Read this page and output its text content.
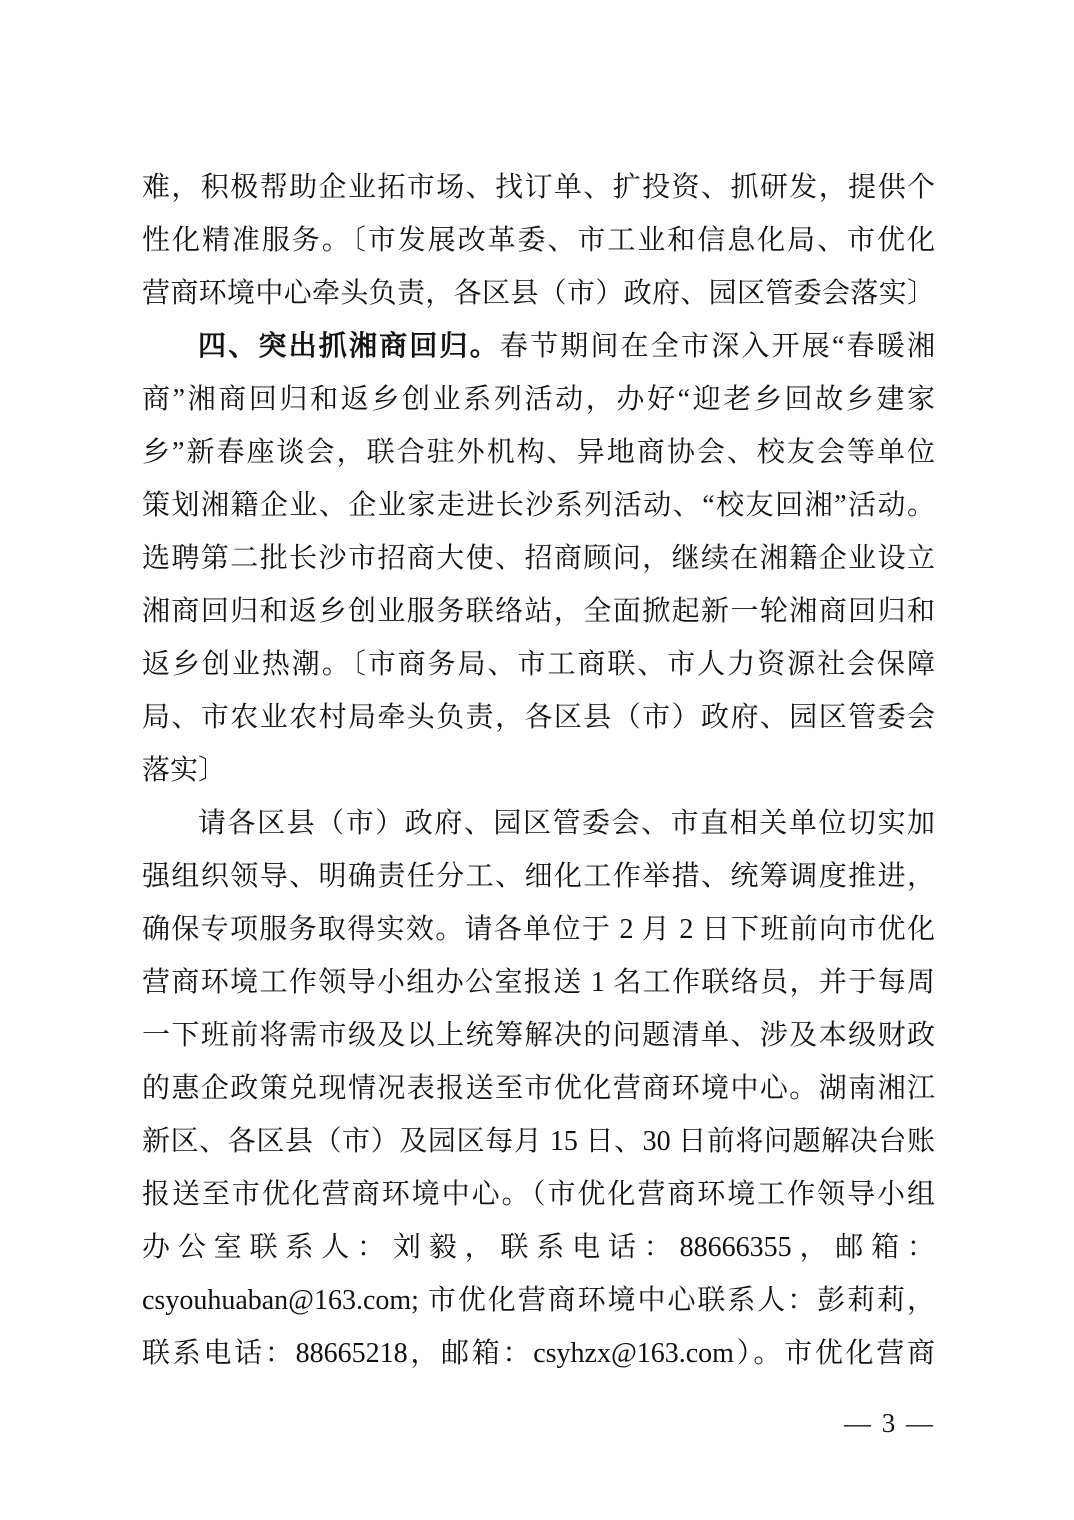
难，积极帮助企业拓市场、找订单、扩投资、抓研发，提供个
性化精准服务。〔市发展改革委、市工业和信息化局、市优化
营商环境中心牵头负责，各区县（市）政府、园区管委会落实〕
四、突出抓湘商回归。春节期间在全市深入开展“春暖湘
商”湘商回归和返乡创业系列活动，办好“迎老乡回故乡建家
乡”新春座谈会，联合驻外机构、异地商协会、校友会等单位
策划湘籍企业、企业家走进长沙系列活动、“校友回湘”活动。
选聘第二批长沙市招商大使、招商顾问，继续在湘籍企业设立
湘商回归和返乡创业服务联络站，全面掀起新一轮湘商回归和
返乡创业热潮。〔市商务局、市工商联、市人力资源社会保障
局、市农业农村局牵头负责，各区县（市）政府、园区管委会
落实〕
请各区县（市）政府、园区管委会、市直相关单位切实加
强组织领导、明确责任分工、细化工作举措、统筹调度推进，
确保专项服务取得实效。请各单位于 2 月 2 日下班前向市优化
营商环境工作领导小组办公室报送 1 名工作联络员，并于每周
一下班前将需市级及以上统筹解决的问题清单、涉及本级财政
的惠企政策兑现情况表报送至市优化营商环境中心。湖南湘江
新区、各区县（市）及园区每月 15 日、30 日前将问题解决台账
报送至市优化营商环境中心。（市优化营商环境工作领导小组
办公室联系人：刘毅，联系电话：88666355，邮箱：
csyouhuaban@163.com; 市优化营商环境中心联系人：彭莉莉，
联系电话：88665218，邮箱：csyhzx@163.com）。市优化营商
— 3 —
